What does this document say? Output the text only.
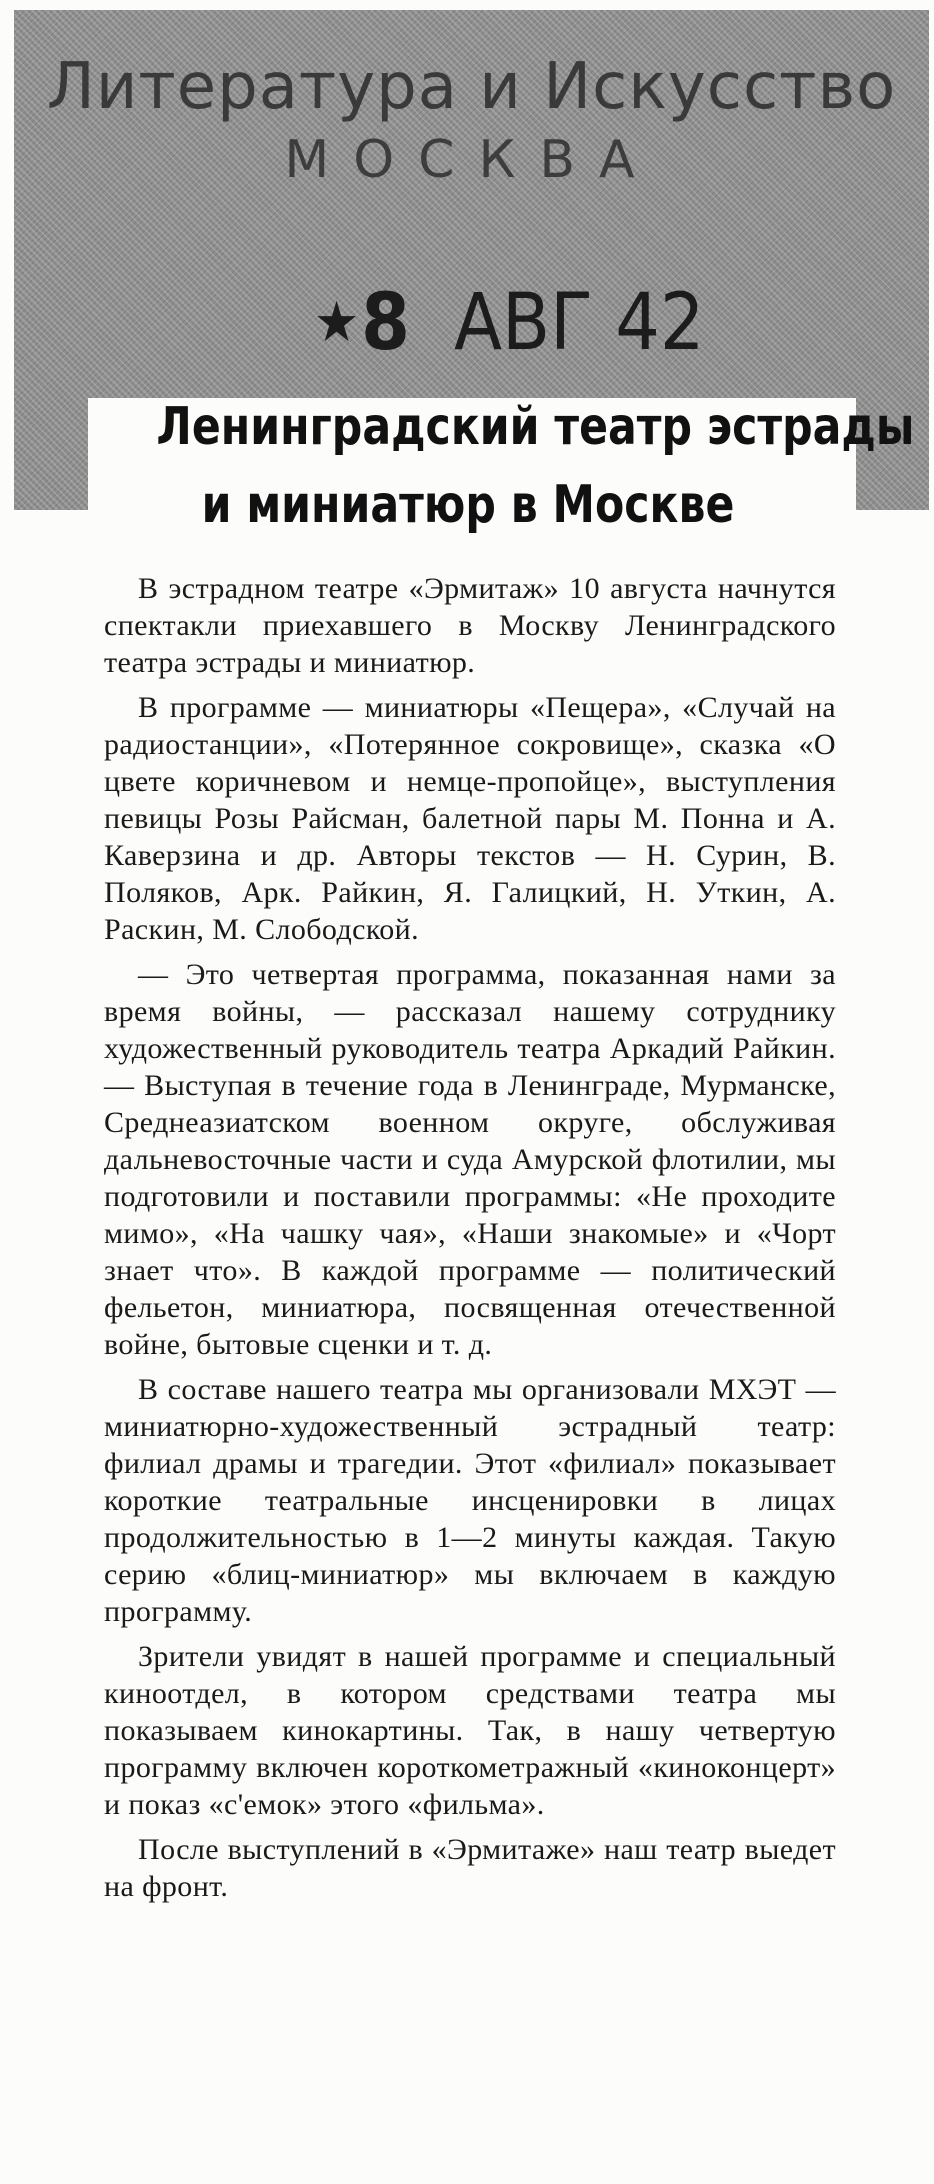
Литература и Искусство
МОСКВА
★8 АВГ 42
Ленинградский театр эстрады
и миниатюр в Москве

В эстрадном театре «Эрмитаж» 10 августа начнутся спектакли приехавшего в Москву Ленинградского театра эстрады и миниатюр.

В программе — миниатюры «Пещера», «Случай на радиостанции», «Потерянное сокровище», сказка «О цвете коричневом и немце-пропойце», выступления певицы Розы Райсман, балетной пары М. Понна и А. Каверзина и др. Авторы текстов — Н. Сурин, В. Поляков, Арк. Райкин, Я. Галицкий, Н. Уткин, А. Раскин, М. Слободской.

— Это четвертая программа, показанная нами за время войны, — рассказал нашему сотруднику художественный руководитель театра Аркадий Райкин. — Выступая в течение года в Ленинграде, Мурманске, Среднеазиатском военном округе, обслуживая дальневосточные части и суда Амурской флотилии, мы подготовили и поставили программы: «Не проходите мимо», «На чашку чая», «Наши знакомые» и «Чорт знает что». В каждой программе — политический фельетон, миниатюра, посвященная отечественной войне, бытовые сценки и т. д.

В составе нашего театра мы организовали МХЭТ — миниатюрно-художественный эстрадный театр: филиал драмы и трагедии. Этот «филиал» показывает короткие театральные инсценировки в лицах продолжительностью в 1—2 минуты каждая. Такую серию «блиц-миниатюр» мы включаем в каждую программу.

Зрители увидят в нашей программе и специальный киноотдел, в котором средствами театра мы показываем кинокартины. Так, в нашу четвертую программу включен короткометражный «киноконцерт» и показ «с'емок» этого «фильма».

После выступлений в «Эрмитаже» наш театр выедет на фронт.
